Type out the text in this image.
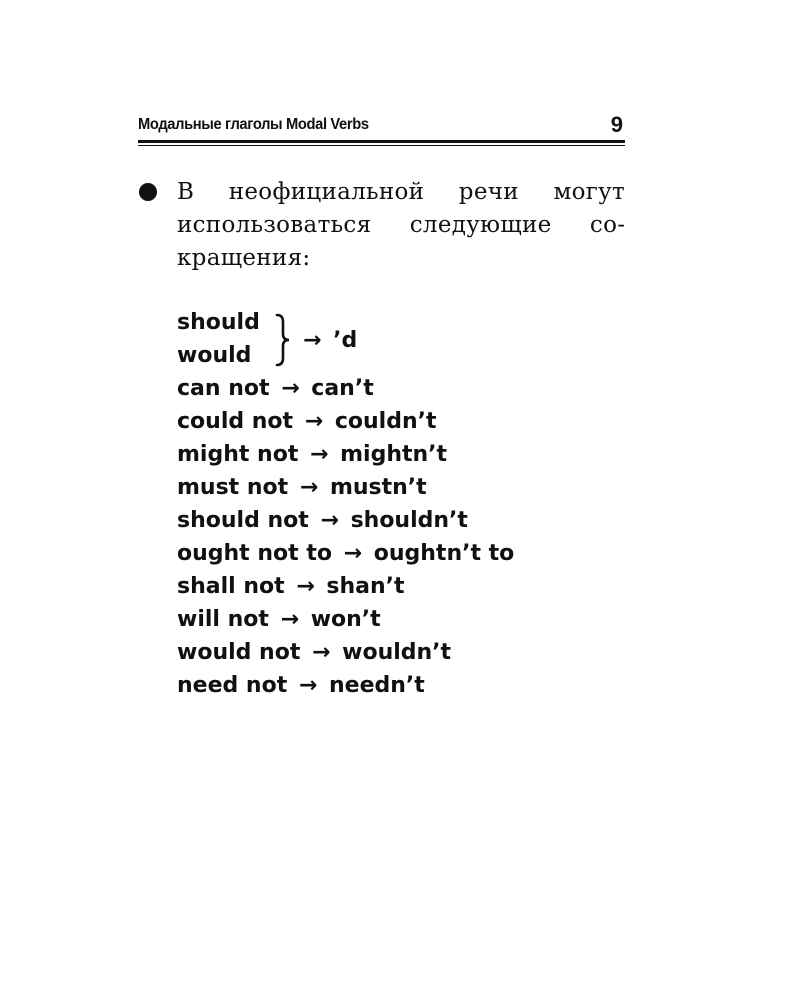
Модальные глаголы Modal Verbs	9

В неофициальной речи могут использоваться следующие сокращения:

should
would
→ ’d
can not → can’t
could not → couldn’t
might not → mightn’t
must not → mustn’t
should not → shouldn’t
ought not to → oughtn’t to
shall not → shan’t
will not → won’t
would not → wouldn’t
need not → needn’t
